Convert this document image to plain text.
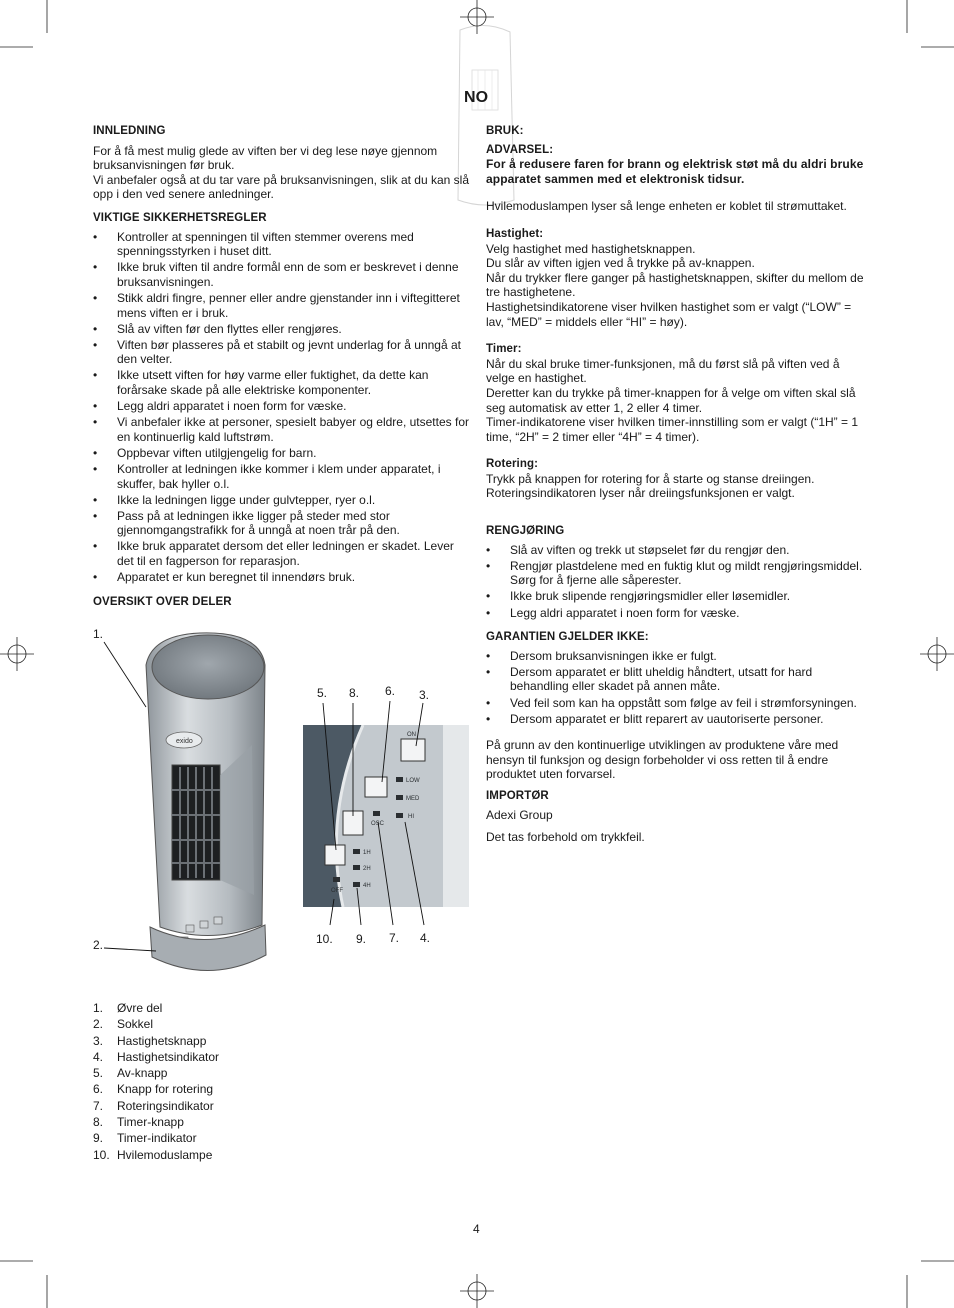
NO
INNLEDNING

For å få mest mulig glede av viften ber vi deg lese nøye gjennom bruksanvisningen før bruk.

Vi anbefaler også at du tar vare på bruksanvisningen, slik at du kan slå opp i den ved senere anledninger.

VIKTIGE SIKKERHETSREGLER
• Kontroller at spenningen til viften stemmer overens med spenningsstyrken i huset ditt.
• Ikke bruk viften til andre formål enn de som er beskrevet i denne bruksanvisningen.
• Stikk aldri fingre, penner eller andre gjenstander inn i viftegitteret mens viften er i bruk.
• Slå av viften før den flyttes eller rengjøres.
• Viften bør plasseres på et stabilt og jevnt underlag for å unngå at den velter.
• Ikke utsett viften for høy varme eller fuktighet, da dette kan forårsake skade på alle elektriske komponenter.
• Legg aldri apparatet i noen form for væske.
• Vi anbefaler ikke at personer, spesielt babyer og eldre, utsettes for en kontinuerlig kald luftstrøm.
• Oppbevar viften utilgjengelig for barn.
• Kontroller at ledningen ikke kommer i klem under apparatet, i skuffer, bak hyller o.l.
• Ikke la ledningen ligge under gulvtepper, ryer o.l.
• Pass på at ledningen ikke ligger på steder med stor gjennomgangstrafikk for å unngå at noen trår på den.
• Ikke bruk apparatet dersom det eller ledningen er skadet. Lever det til en fagperson for reparasjon.
• Apparatet er kun beregnet til innendørs bruk.
OVERSIKT OVER DELER
exido
1.
2.
ON
LOW
MED
HI
OSC
1H
2H
4H
OFF
5. 8. 6. 3.
10. 9. 7. 4.
1.	Øvre del
2.	Sokkel
3.	Hastighetsknapp
4.	Hastighetsindikator
5.	Av-knapp
6.	Knapp for rotering
7.	Roteringsindikator
8.	Timer-knapp
9.	Timer-indikator
10. Hvilemoduslampe
BRUK:
ADVARSEL:

For å redusere faren for brann og elektrisk støt må du aldri bruke apparatet sammen med et elektronisk tidsur.

Hvilemoduslampen lyser så lenge enheten er koblet til strømuttaket.

Hastighet:

Velg hastighet med hastighetsknappen.

Du slår av viften igjen ved å trykke på av-knappen.

Når du trykker flere ganger på hastighetsknappen, skifter du mellom de tre hastighetene.

Hastighetsindikatorene viser hvilken hastighet som er valgt (“LOW” = lav, “MED” = middels eller “HI” = høy).

Timer:

Når du skal bruke timer-funksjonen, må du først slå på viften ved å velge en hastighet.

Deretter kan du trykke på timer-knappen for å velge om viften skal slå seg automatisk av etter 1, 2 eller 4 timer.

Timer-indikatorene viser hvilken timer-innstilling som er valgt (“1H” = 1 time, “2H” = 2 timer eller “4H” = 4 timer).

Rotering:

Trykk på knappen for rotering for å starte og stanse dreiingen.

Roteringsindikatoren lyser når dreiingsfunksjonen er valgt.

RENGJØRING
• Slå av viften og trekk ut støpselet før du rengjør den.
• Rengjør plastdelene med en fuktig klut og mildt rengjøringsmiddel. Sørg for å fjerne alle såperester.
• Ikke bruk slipende rengjøringsmidler eller løsemidler.
• Legg aldri apparatet i noen form for væske.
GARANTIEN GJELDER IKKE:
• Dersom bruksanvisningen ikke er fulgt.
• Dersom apparatet er blitt uheldig håndtert, utsatt for hard behandling eller skadet på annen måte.
• Ved feil som kan ha oppstått som følge av feil i strømforsyningen.
• Dersom apparatet er blitt reparert av uautoriserte personer.

På grunn av den kontinuerlige utviklingen av produktene våre med hensyn til funksjon og design forbeholder vi oss retten til å endre produktet uten forvarsel.

IMPORTØR

Adexi Group

Det tas forbehold om trykkfeil.

4
